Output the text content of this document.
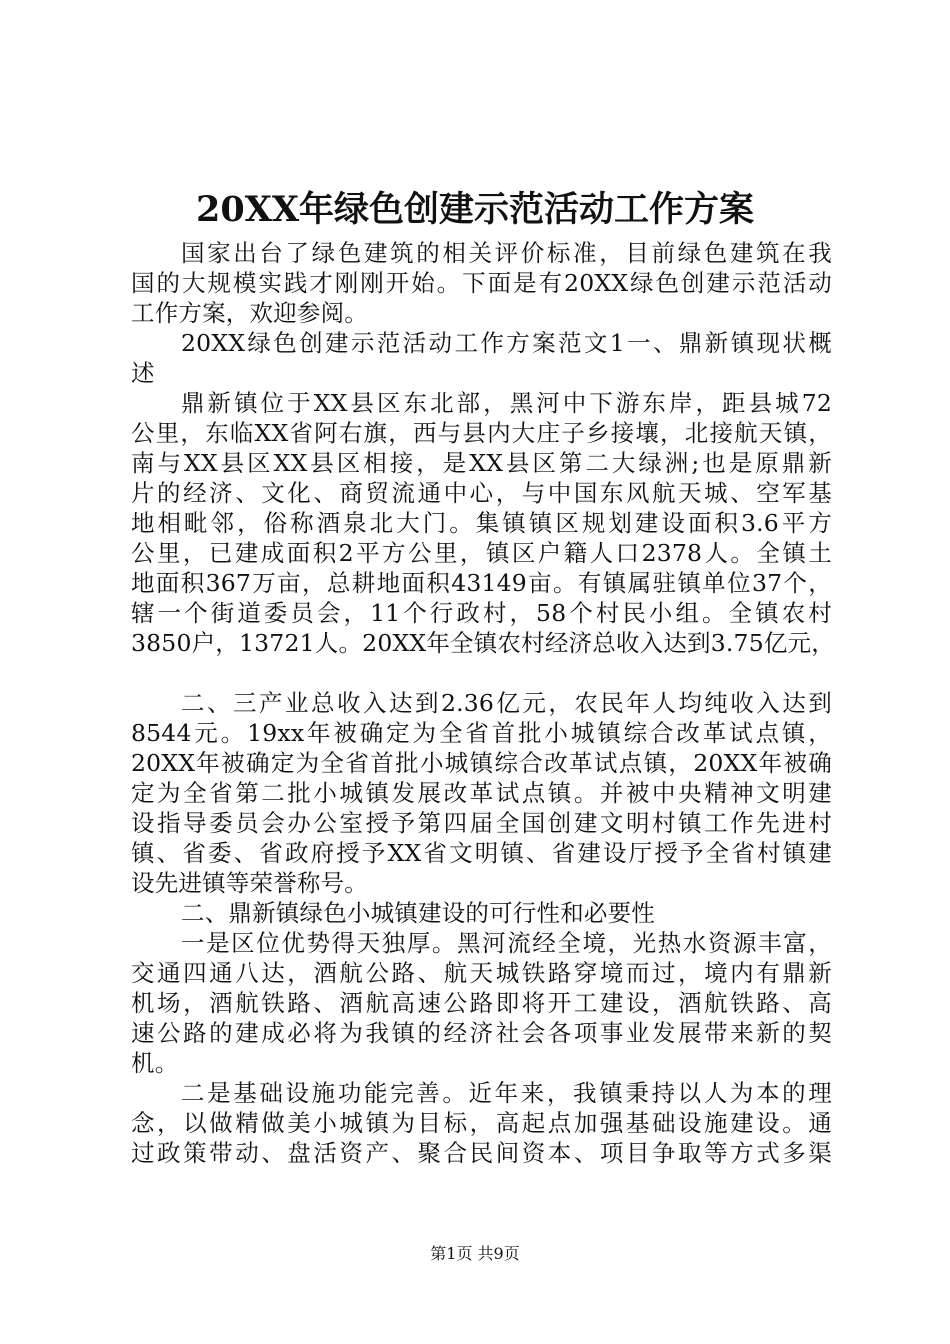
20XX年绿色创建示范活动工作方案
国家出台了绿色建筑的相关评价标准，目前绿色建筑在我
国的大规模实践才刚刚开始。下面是有20XX绿色创建示范活动
工作方案，欢迎参阅。
20XX绿色创建示范活动工作方案范文1一、鼎新镇现状概
述
鼎新镇位于XX县区东北部，黑河中下游东岸，距县城72
公里，东临XX省阿右旗，西与县内大庄子乡接壤，北接航天镇，
南与XX县区XX县区相接，是XX县区第二大绿洲;也是原鼎新
片的经济、文化、商贸流通中心，与中国东风航天城、空军基
地相毗邻，俗称酒泉北大门。集镇镇区规划建设面积3.6平方
公里，已建成面积2平方公里，镇区户籍人口2378人。全镇土
地面积367万亩，总耕地面积43149亩。有镇属驻镇单位37个，
辖一个街道委员会，11个行政村，58个村民小组。全镇农村
3850户，13721人。20XX年全镇农村经济总收入达到3.75亿元，
二、三产业总收入达到2.36亿元，农民年人均纯收入达到
8544元。19xx年被确定为全省首批小城镇综合改革试点镇，
20XX年被确定为全省首批小城镇综合改革试点镇，20XX年被确
定为全省第二批小城镇发展改革试点镇。并被中央精神文明建
设指导委员会办公室授予第四届全国创建文明村镇工作先进村
镇、省委、省政府授予XX省文明镇、省建设厅授予全省村镇建
设先进镇等荣誉称号。
二、鼎新镇绿色小城镇建设的可行性和必要性
一是区位优势得天独厚。黑河流经全境，光热水资源丰富，
交通四通八达，酒航公路、航天城铁路穿境而过，境内有鼎新
机场，酒航铁路、酒航高速公路即将开工建设，酒航铁路、高
速公路的建成必将为我镇的经济社会各项事业发展带来新的契
机。
二是基础设施功能完善。近年来，我镇秉持以人为本的理
念，以做精做美小城镇为目标，高起点加强基础设施建设。通
过政策带动、盘活资产、聚合民间资本、项目争取等方式多渠
第1页 共9页
